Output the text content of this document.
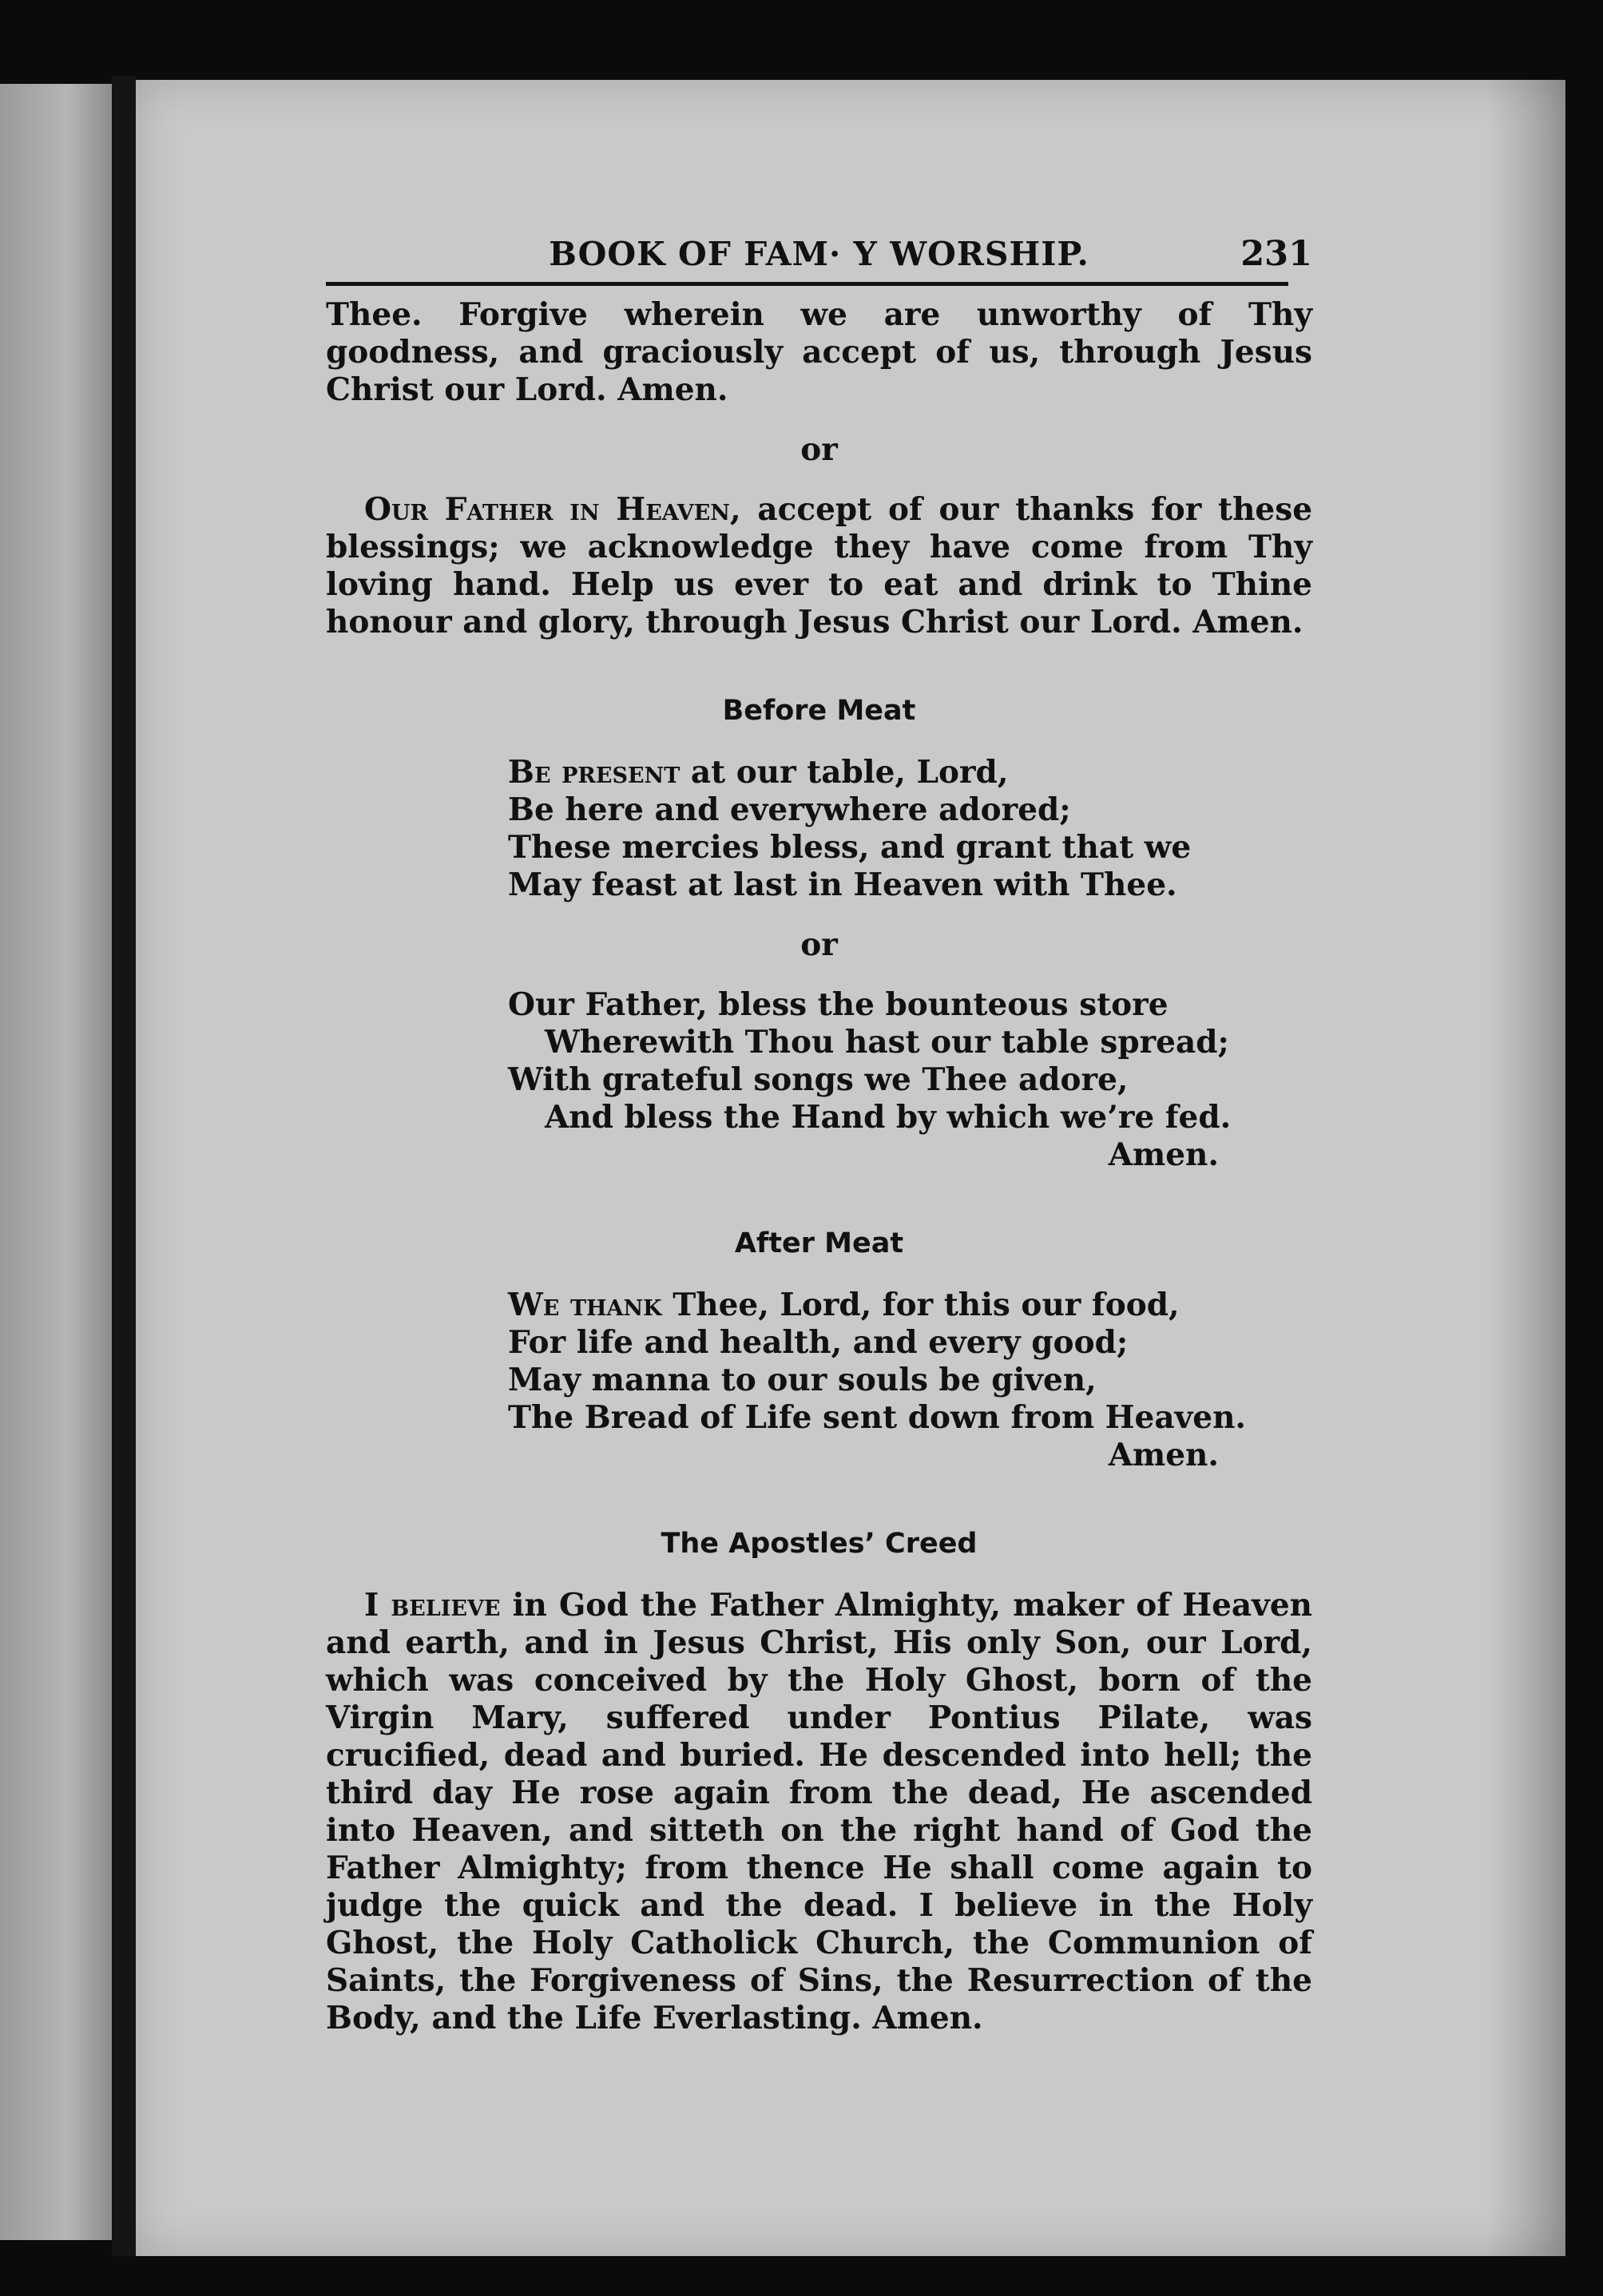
BOOK OF FAM· Y WORSHIP.	231

Thee. Forgive wherein we are unworthy of Thy goodness, and graciously accept of us, through Jesus Christ our Lord. Amen.

or

Our Father in Heaven, accept of our thanks for these blessings; we acknowledge they have come from Thy loving hand. Help us ever to eat and drink to Thine honour and glory, through Jesus Christ our Lord. Amen.

Before Meat
Be present at our table, Lord,
Be here and everywhere adored;
These mercies bless, and grant that we
May feast at last in Heaven with Thee.

or

Our Father, bless the bounteous store
Wherewith Thou hast our table spread;
With grateful songs we Thee adore,
And bless the Hand by which we’re fed.
Amen.
After Meat
We thank Thee, Lord, for this our food,
For life and health, and every good;
May manna to our souls be given,
The Bread of Life sent down from Heaven.
Amen.
The Apostles’ Creed

I believe in God the Father Almighty, maker of Heaven and earth, and in Jesus Christ, His only Son, our Lord, which was conceived by the Holy Ghost, born of the Virgin Mary, suffered under Pontius Pilate, was crucified, dead and buried. He descended into hell; the third day He rose again from the dead, He ascended into Heaven, and sitteth on the right hand of God the Father Almighty; from thence He shall come again to judge the quick and the dead. I believe in the Holy Ghost, the Holy Catholick Church, the Communion of Saints, the Forgiveness of Sins, the Resurrection of the Body, and the Life Everlasting. Amen.
